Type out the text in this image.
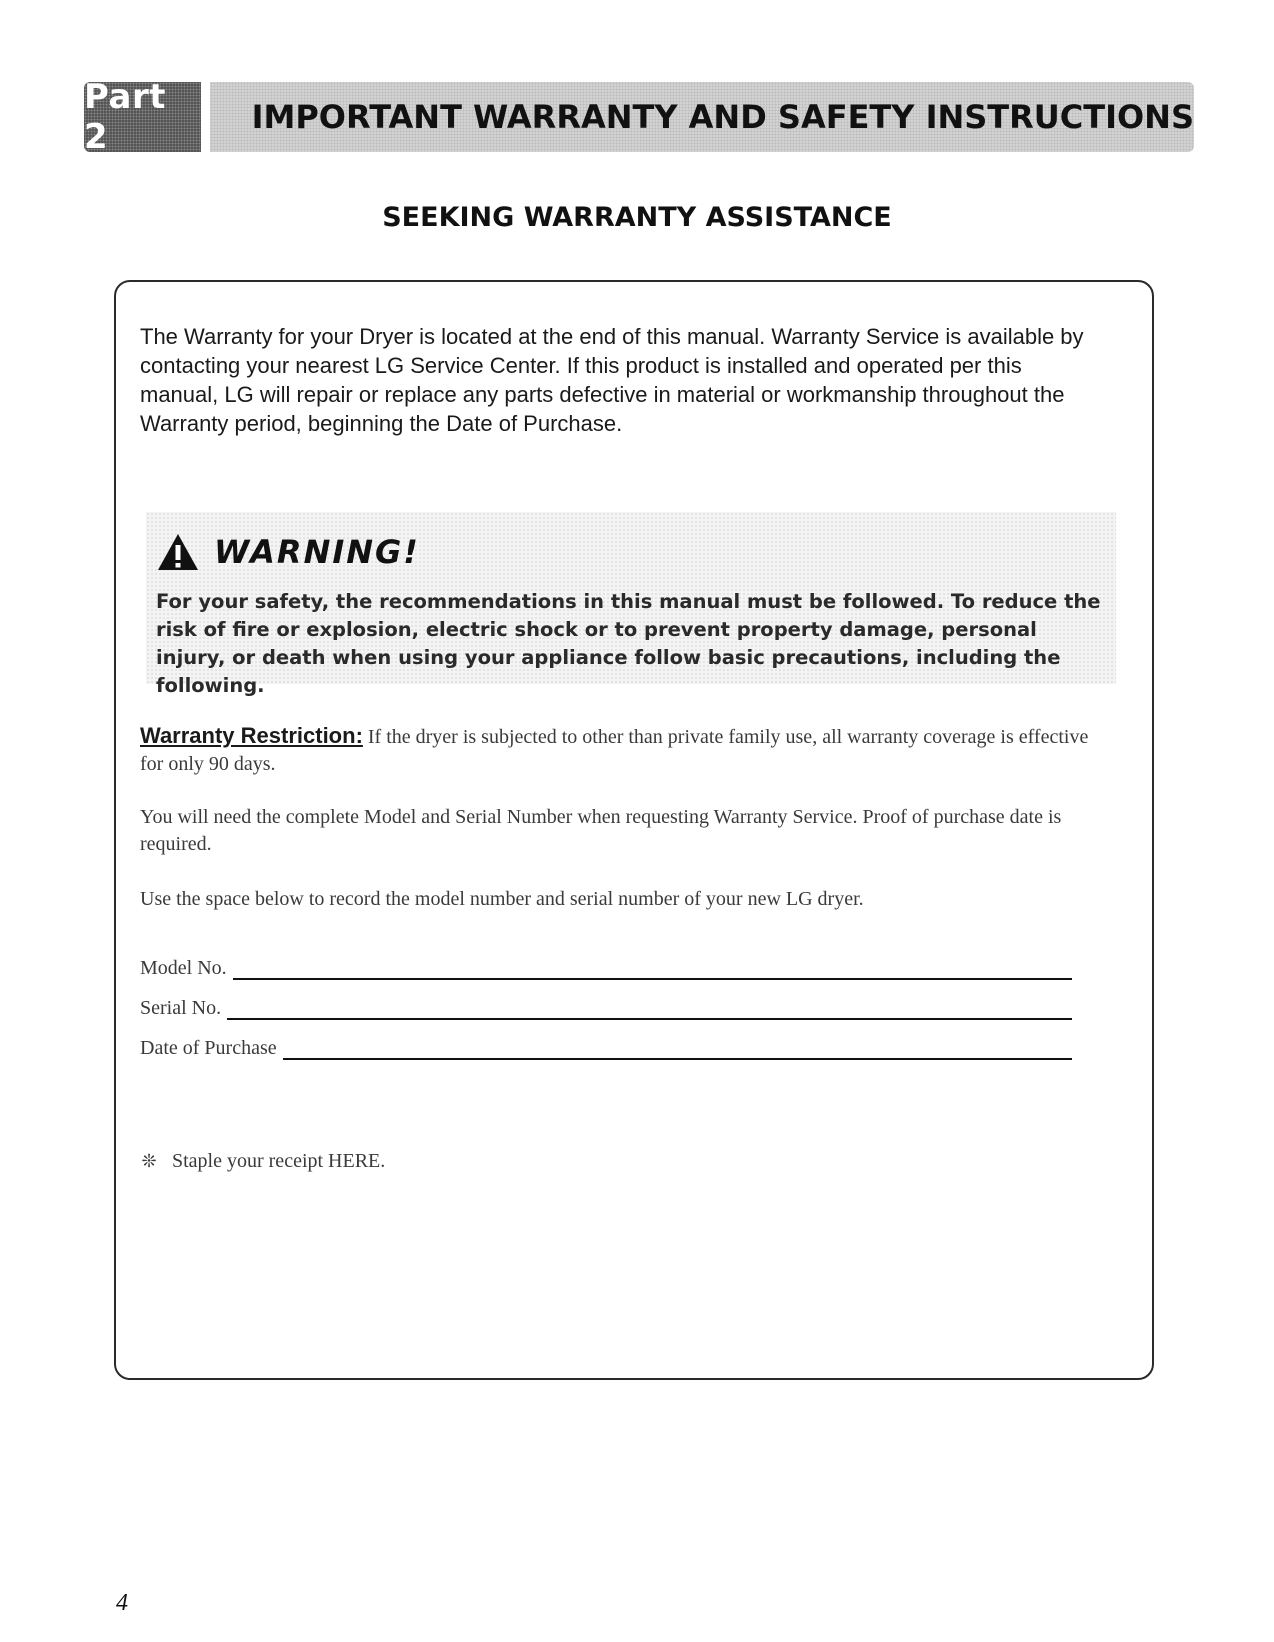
Part 2	IMPORTANT WARRANTY AND SAFETY INSTRUCTIONS
SEEKING WARRANTY ASSISTANCE

The Warranty for your Dryer is located at the end of this manual. Warranty Service is available by contacting your nearest LG Service Center. If this product is installed and operated per this manual, LG will repair or replace any parts defective in material or workmanship throughout the Warranty period, beginning the Date of Purchase.

WARNING!

For your safety, the recommendations in this manual must be followed. To reduce the risk of fire or explosion, electric shock or to prevent property damage, personal injury, or death when using your appliance follow basic precautions, including the following.

Warranty Restriction: If the dryer is subjected to other than private family use, all warranty coverage is effective for only 90 days.

You will need the complete Model and Serial Number when requesting Warranty Service. Proof of purchase date is required.

Use the space below to record the model number and serial number of your new LG dryer.

Model No.
Serial No.
Date of Purchase
❊ Staple your receipt HERE.
4
